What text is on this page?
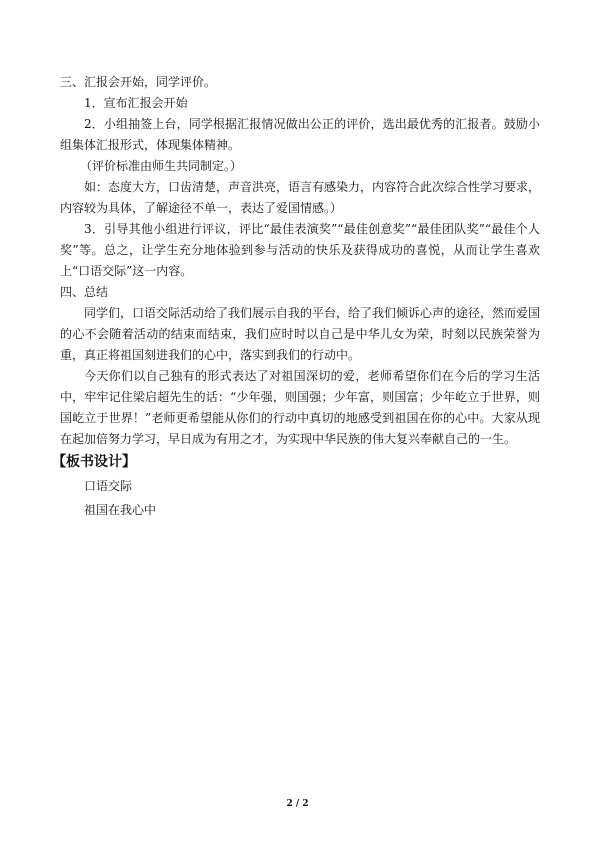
三、汇报会开始，同学评价。

1．宣布汇报会开始

2．小组抽签上台，同学根据汇报情况做出公正的评价，选出最优秀的汇报者。鼓励小组集体汇报形式，体现集体精神。

（评价标准由师生共同制定。）

如：态度大方，口齿清楚，声音洪亮，语言有感染力，内容符合此次综合性学习要求，内容较为具体，了解途径不单一，表达了爱国情感。）

3．引导其他小组进行评议，评比“最佳表演奖”“最佳创意奖”“最佳团队奖”“最佳个人奖”等。总之，让学生充分地体验到参与活动的快乐及获得成功的喜悦，从而让学生喜欢上“口语交际”这一内容。

四、总结

同学们，口语交际活动给了我们展示自我的平台，给了我们倾诉心声的途径，然而爱国的心不会随着活动的结束而结束，我们应时时以自己是中华儿女为荣，时刻以民族荣誉为重，真正将祖国刻进我们的心中，落实到我们的行动中。

今天你们以自己独有的形式表达了对祖国深切的爱，老师希望你们在今后的学习生活中，牢牢记住梁启超先生的话：“少年强，则国强；少年富，则国富；少年屹立于世界，则国屹立于世界！”老师更希望能从你们的行动中真切的地感受到祖国在你的心中。大家从现在起加倍努力学习，早日成为有用之才，为实现中华民族的伟大复兴奉献自己的一生。

【板书设计】

口语交际

祖国在我心中

2 / 2
